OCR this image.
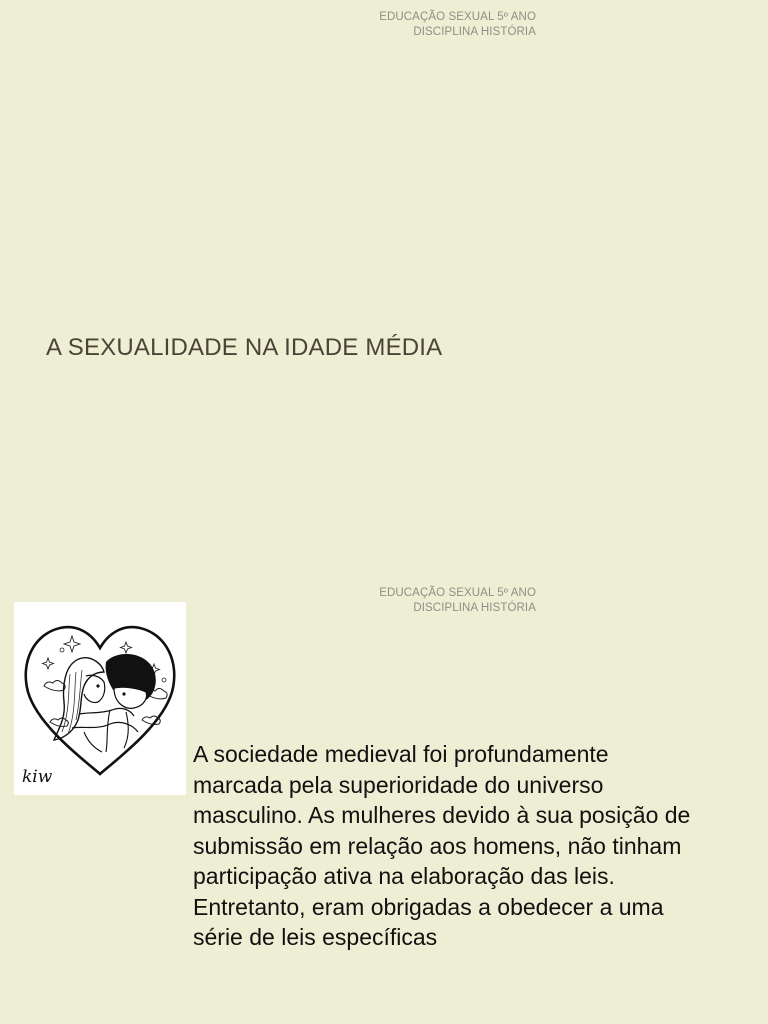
EDUCAÇÃO SEXUAL 5º ANO
DISCIPLINA HISTÓRIA
A SEXUALIDADE NA IDADE MÉDIA
EDUCAÇÃO SEXUAL 5º ANO
DISCIPLINA HISTÓRIA
kiw

A sociedade medieval foi profundamente marcada pela superioridade do universo masculino. As mulheres devido à sua posição de submissão em relação aos homens, não tinham participação ativa na elaboração das leis. Entretanto, eram obrigadas a obedecer a uma série de leis específicas
